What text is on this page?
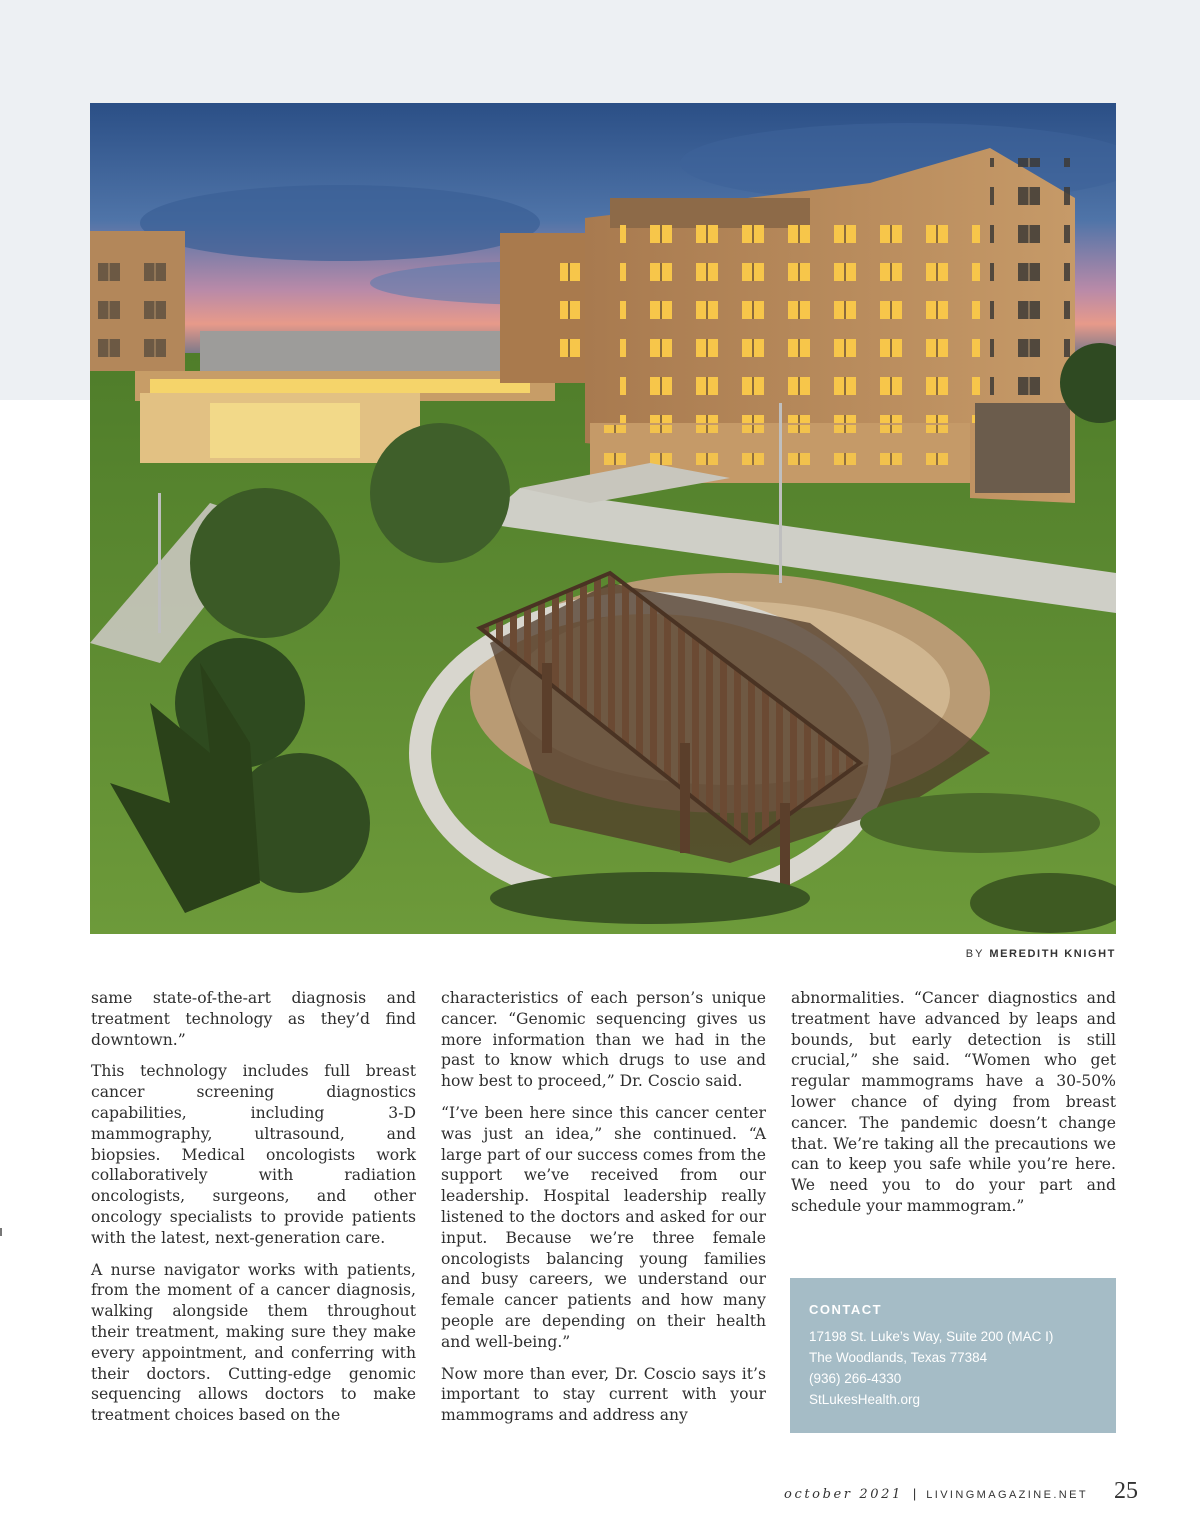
BY MEREDITH KNIGHT

same state-of-the-art diagnosis and treatment technology as they’d find downtown.”

This technology includes full breast cancer screening diagnostics capabilities, including 3-D mammography, ultrasound, and biopsies. Medical oncologists work collaboratively with radiation oncologists, surgeons, and other oncology specialists to provide patients with the latest, next-generation care.

A nurse navigator works with patients, from the moment of a cancer diagnosis, walking alongside them throughout their treatment, making sure they make every appointment, and conferring with their doctors. Cutting-edge genomic sequencing allows doctors to make treatment choices based on the

characteristics of each person’s unique cancer. “Genomic sequencing gives us more information than we had in the past to know which drugs to use and how best to proceed,” Dr. Coscio said.

“I’ve been here since this cancer center was just an idea,” she continued. “A large part of our success comes from the support we’ve received from our leadership. Hospital leadership really listened to the doctors and asked for our input. Because we’re three female oncologists balancing young families and busy careers, we understand our female cancer patients and how many people are depending on their health and well-being.”

Now more than ever, Dr. Coscio says it’s important to stay current with your mammograms and address any

abnormalities. “Cancer diagnostics and treatment have advanced by leaps and bounds, but early detection is still crucial,” she said. “Women who get regular mammograms have a 30-50% lower chance of dying from breast cancer. The pandemic doesn’t change that. We’re taking all the precautions we can to keep you safe while you’re here. We need you to do your part and schedule your mammogram.”

CONTACT
17198 St. Luke’s Way, Suite 200 (MAC I)
The Woodlands, Texas 77384
(936) 266-4330
StLukesHealth.org
october 2021 | LIVINGMAGAZINE.NET 25
